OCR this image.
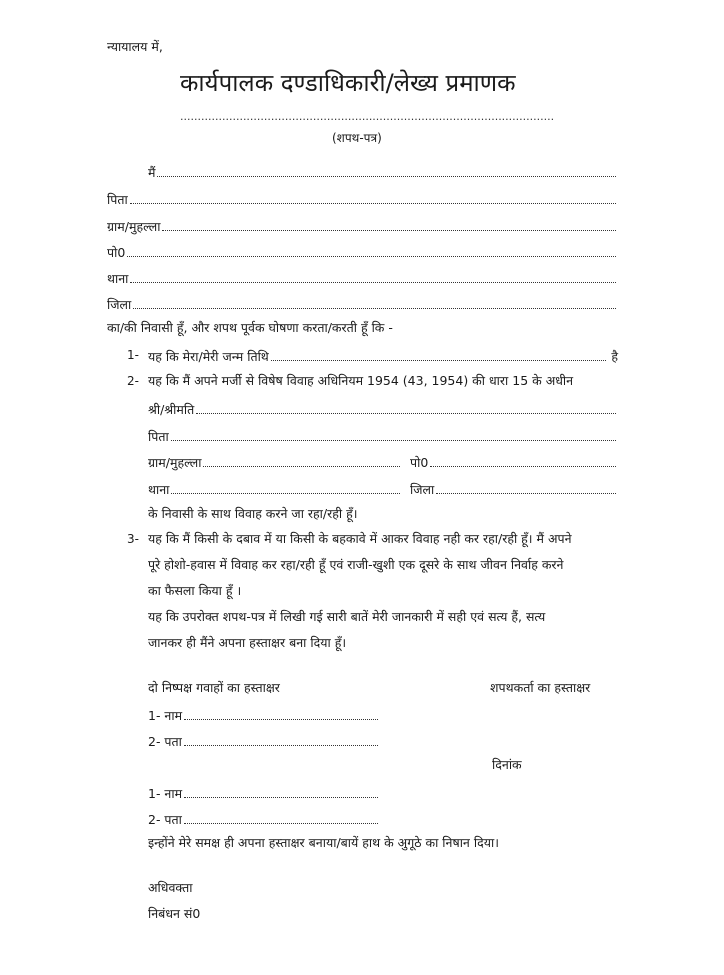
न्यायालय में,
कार्यपालक दण्डाधिकारी/लेख्य प्रमाणक
...........................................................................................................
(शपथ-पत्र)
मैं
पिता
ग्राम/मुहल्ला
पो0
थाना
जिला
का/की निवासी हूँ, और शपथ पूर्वक घोषणा करता/करती हूँ कि -
1- यह कि मेरा/मेरी जन्म तिथि	है
2- यह कि मैं अपने मर्जी से विषेष विवाह अधिनियम 1954 (43, 1954) की धारा 15 के अधीन
श्री/श्रीमति
पिता
ग्राम/मुहल्ला	पो0
थाना	जिला
के निवासी के साथ विवाह करने जा रहा/रही हूँ।
3- यह कि मैं किसी के दबाव में या किसी के बहकावे में आकर विवाह नही कर रहा/रही हूँ। मैं अपने
पूरे होशो-हवास में विवाह कर रहा/रही हूँ एवं राजी-खुशी एक दूसरे के साथ जीवन निर्वाह करने
का फैसला किया हूँ ।
यह कि उपरोक्त शपथ-पत्र में लिखी गई सारी बातें मेरी जानकारी में सही एवं सत्य हैं, सत्य
जानकर ही मैंने अपना हस्ताक्षर बना दिया हूँ।
दो निष्पक्ष गवाहों का हस्ताक्षर	शपथकर्ता का हस्ताक्षर
1- नाम
2- पता
दिनांक
1- नाम
2- पता
इन्होंने मेरे समक्ष ही अपना हस्ताक्षर बनाया/बायें हाथ के अुगूठे का निषान दिया।
अधिवक्ता
निबंधन सं0
